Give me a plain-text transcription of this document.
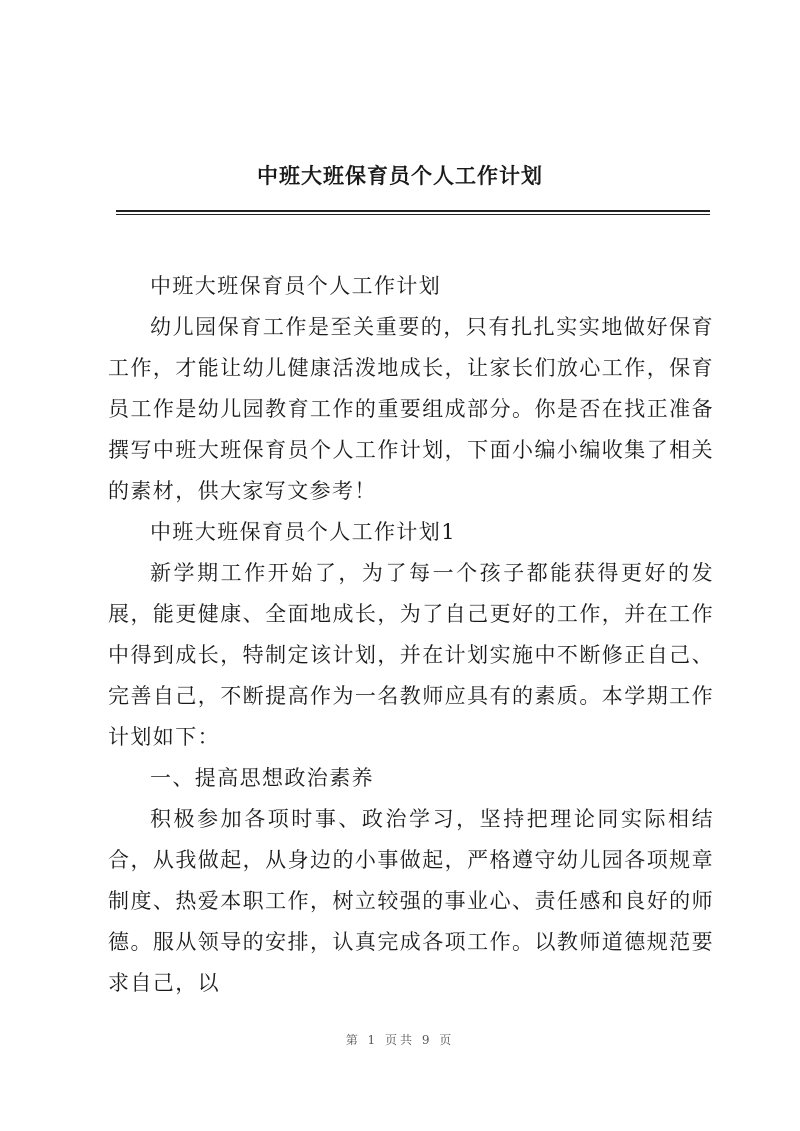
中班大班保育员个人工作计划

中班大班保育员个人工作计划

幼儿园保育工作是至关重要的，只有扎扎实实地做好保育工作，才能让幼儿健康活泼地成长，让家长们放心工作，保育员工作是幼儿园教育工作的重要组成部分。你是否在找正准备撰写中班大班保育员个人工作计划，下面小编小编收集了相关的素材，供大家写文参考！

中班大班保育员个人工作计划1

新学期工作开始了，为了每一个孩子都能获得更好的发展，能更健康、全面地成长，为了自己更好的工作，并在工作中得到成长，特制定该计划，并在计划实施中不断修正自己、完善自己，不断提高作为一名教师应具有的素质。本学期工作计划如下：

一、提高思想政治素养

积极参加各项时事、政治学习，坚持把理论同实际相结合，从我做起，从身边的小事做起，严格遵守幼儿园各项规章制度、热爱本职工作，树立较强的事业心、责任感和良好的师德。服从领导的安排，认真完成各项工作。以教师道德规范要求自己，以

第 1 页共 9 页
